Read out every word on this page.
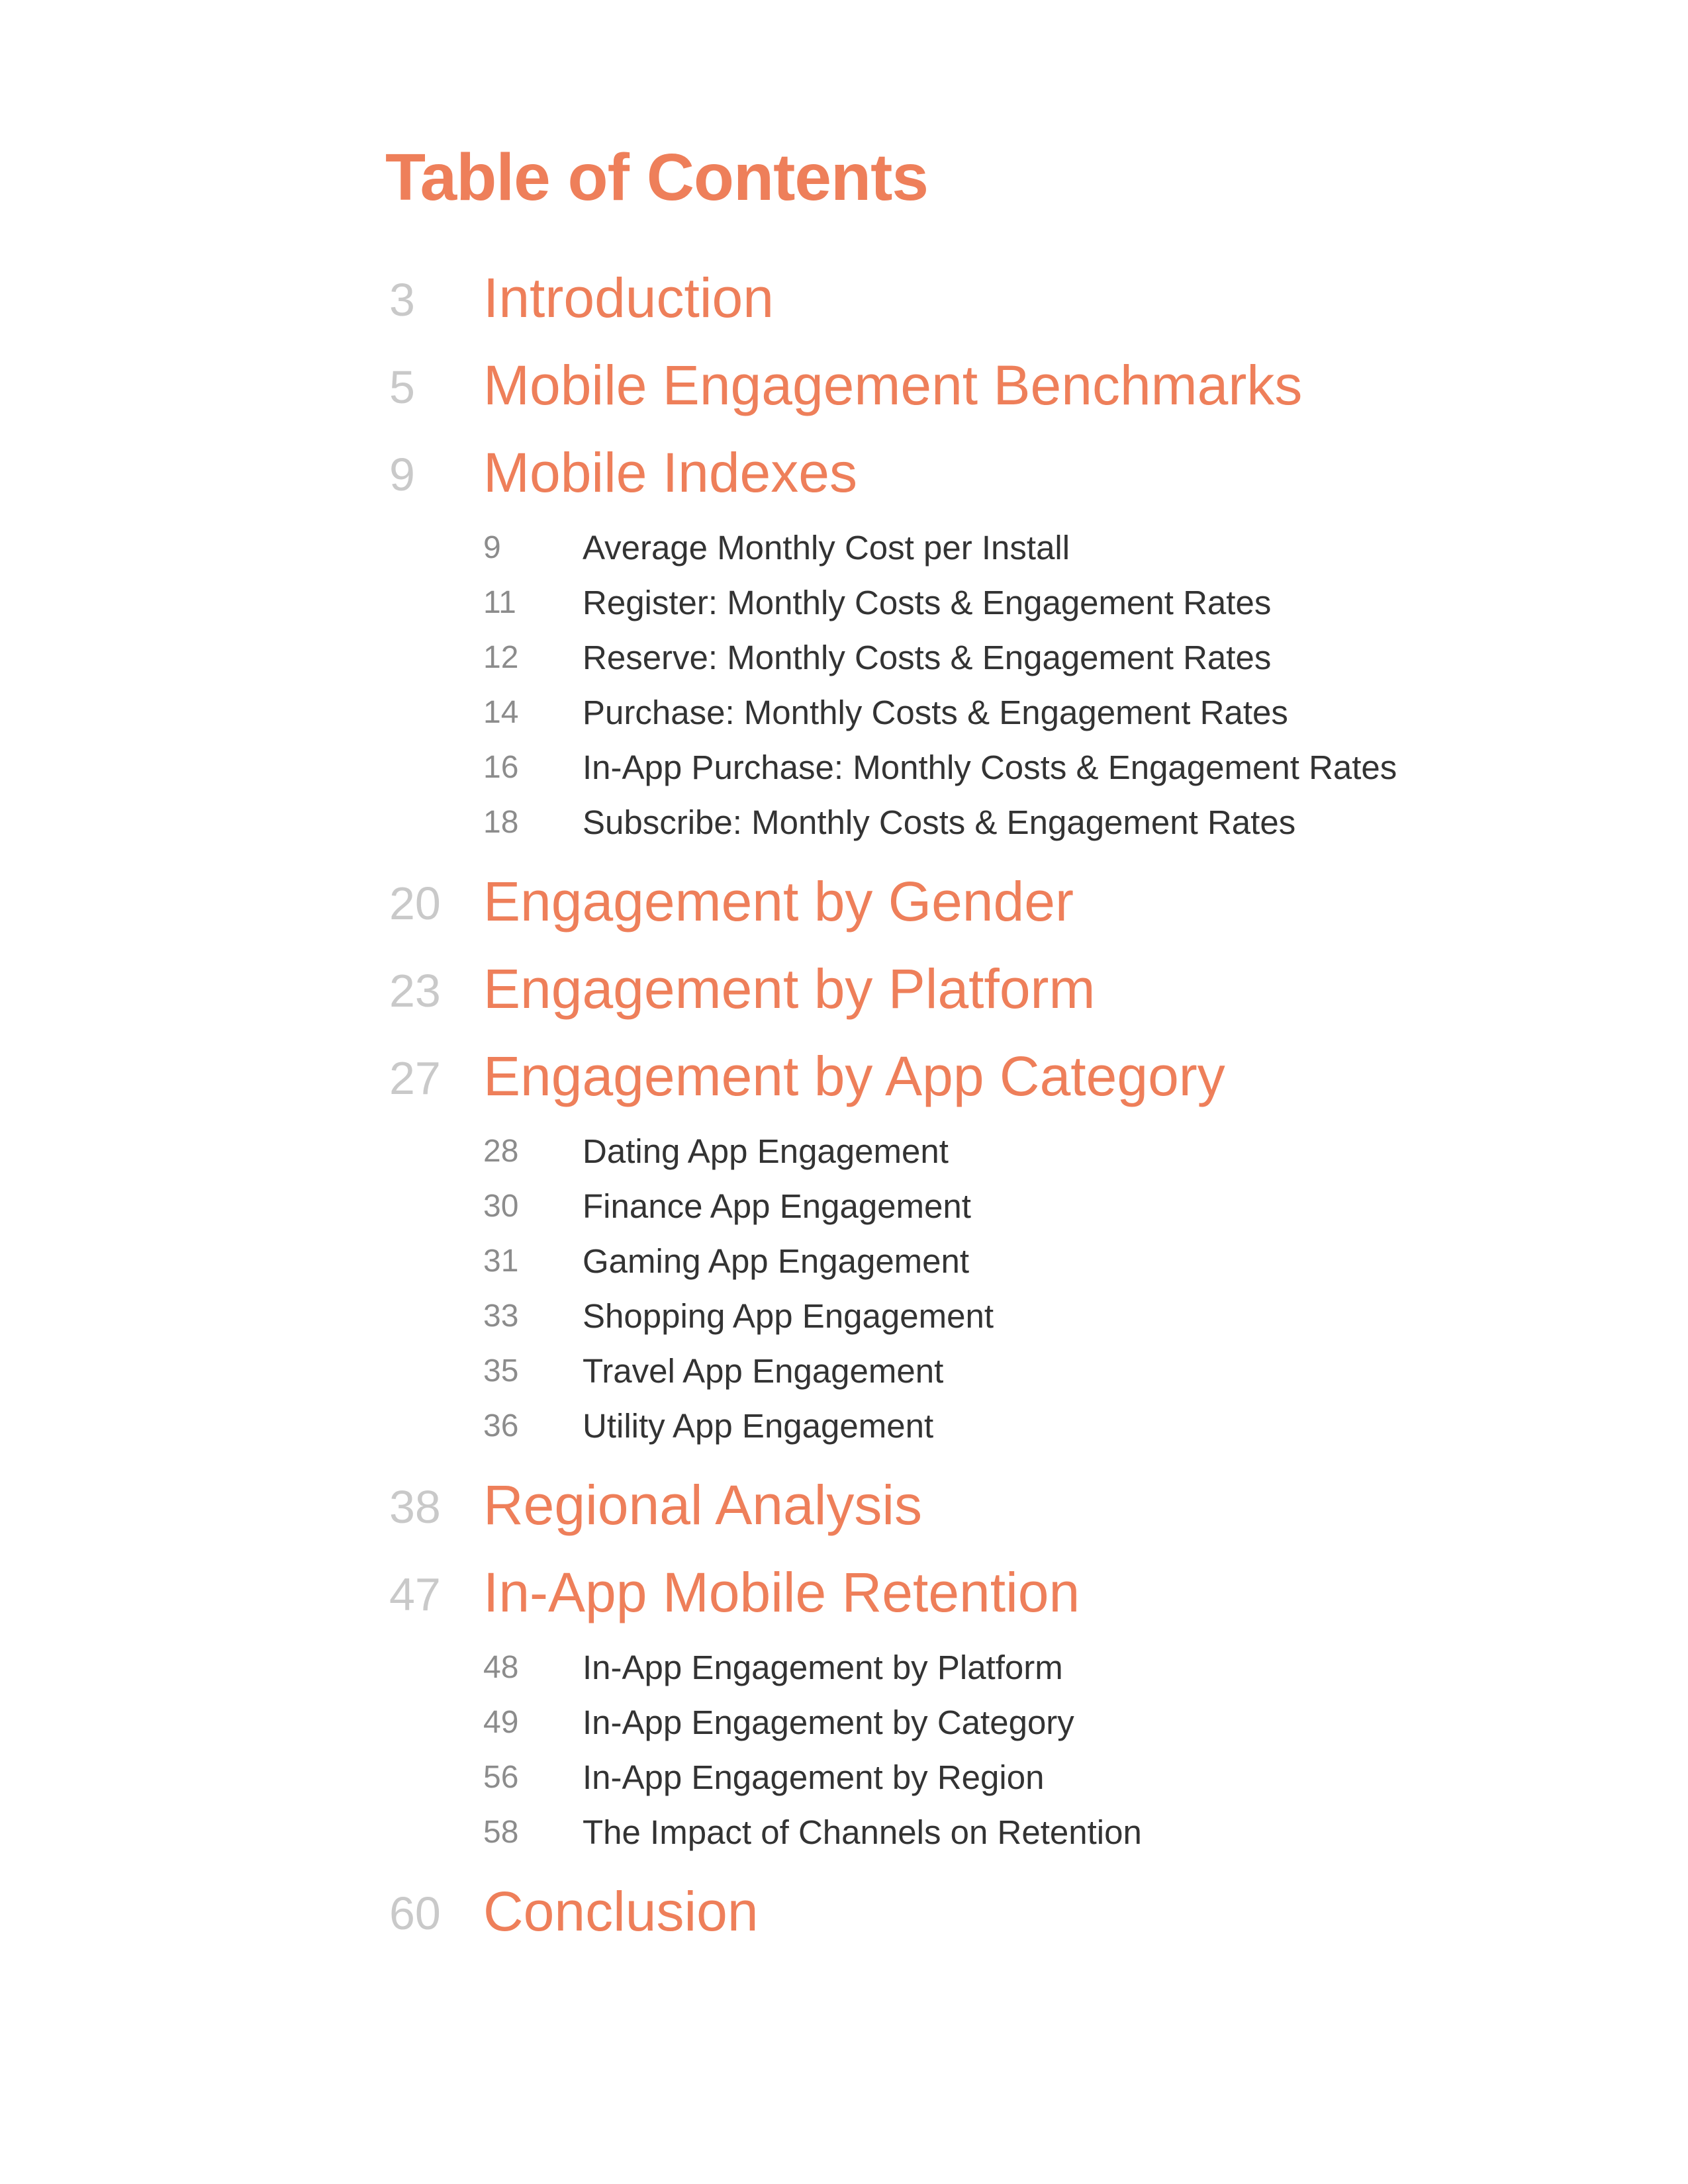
Table of Contents
3 Introduction
5 Mobile Engagement Benchmarks
9 Mobile Indexes
9 Average Monthly Cost per Install
11 Register: Monthly Costs & Engagement Rates
12 Reserve: Monthly Costs & Engagement Rates
14 Purchase: Monthly Costs & Engagement Rates
16 In-App Purchase: Monthly Costs & Engagement Rates
18 Subscribe: Monthly Costs & Engagement Rates
20 Engagement by Gender
23 Engagement by Platform
27 Engagement by App Category
28 Dating App Engagement
30 Finance App Engagement
31 Gaming App Engagement
33 Shopping App Engagement
35 Travel App Engagement
36 Utility App Engagement
38 Regional Analysis
47 In-App Mobile Retention
48 In-App Engagement by Platform
49 In-App Engagement by Category
56 In-App Engagement by Region
58 The Impact of Channels on Retention
60 Conclusion
